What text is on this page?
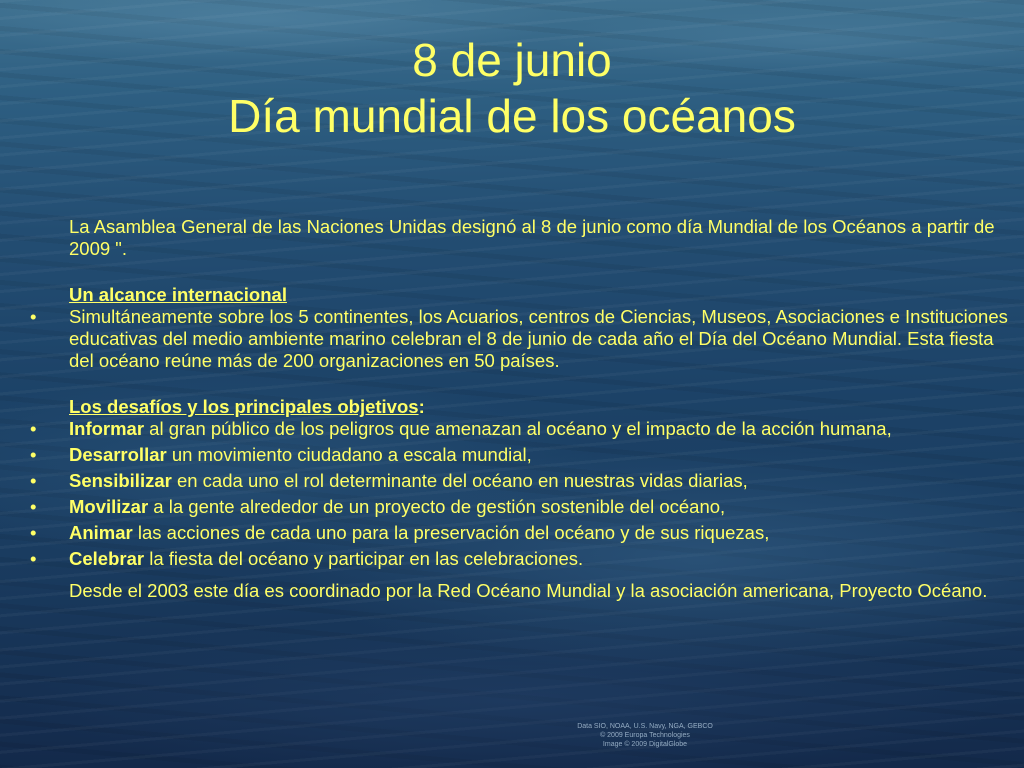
8 de junio
Día mundial de los océanos

La Asamblea General de las Naciones Unidas designó al 8 de junio como día Mundial de los Océanos a partir de 2009 ".

Un alcance internacional

•	Simultáneamente sobre los 5 continentes, los Acuarios, centros de Ciencias, Museos, Asociaciones e Instituciones educativas del medio ambiente marino celebran el 8 de junio de cada año el Día del Océano Mundial. Esta fiesta del océano reúne más de 200 organizaciones en 50 países.

Los desafíos y los principales objetivos:

•	Informar al gran público de los peligros que amenazan al océano y el impacto de la acción humana,
•	Desarrollar un movimiento ciudadano a escala mundial,
•	Sensibilizar en cada uno el rol determinante del océano en nuestras vidas diarias,
•	Movilizar a la gente alrededor de un proyecto de gestión sostenible del océano,
•	Animar las acciones de cada uno para la preservación del océano y de sus riquezas,
•	Celebrar la fiesta del océano y participar en las celebraciones.

Desde el 2003 este día es coordinado por la Red Océano Mundial y la asociación americana, Proyecto Océano.

Data SIO, NOAA, U.S. Navy, NGA, GEBCO
© 2009 Europa Technologies
Image © 2009 DigitalGlobe
